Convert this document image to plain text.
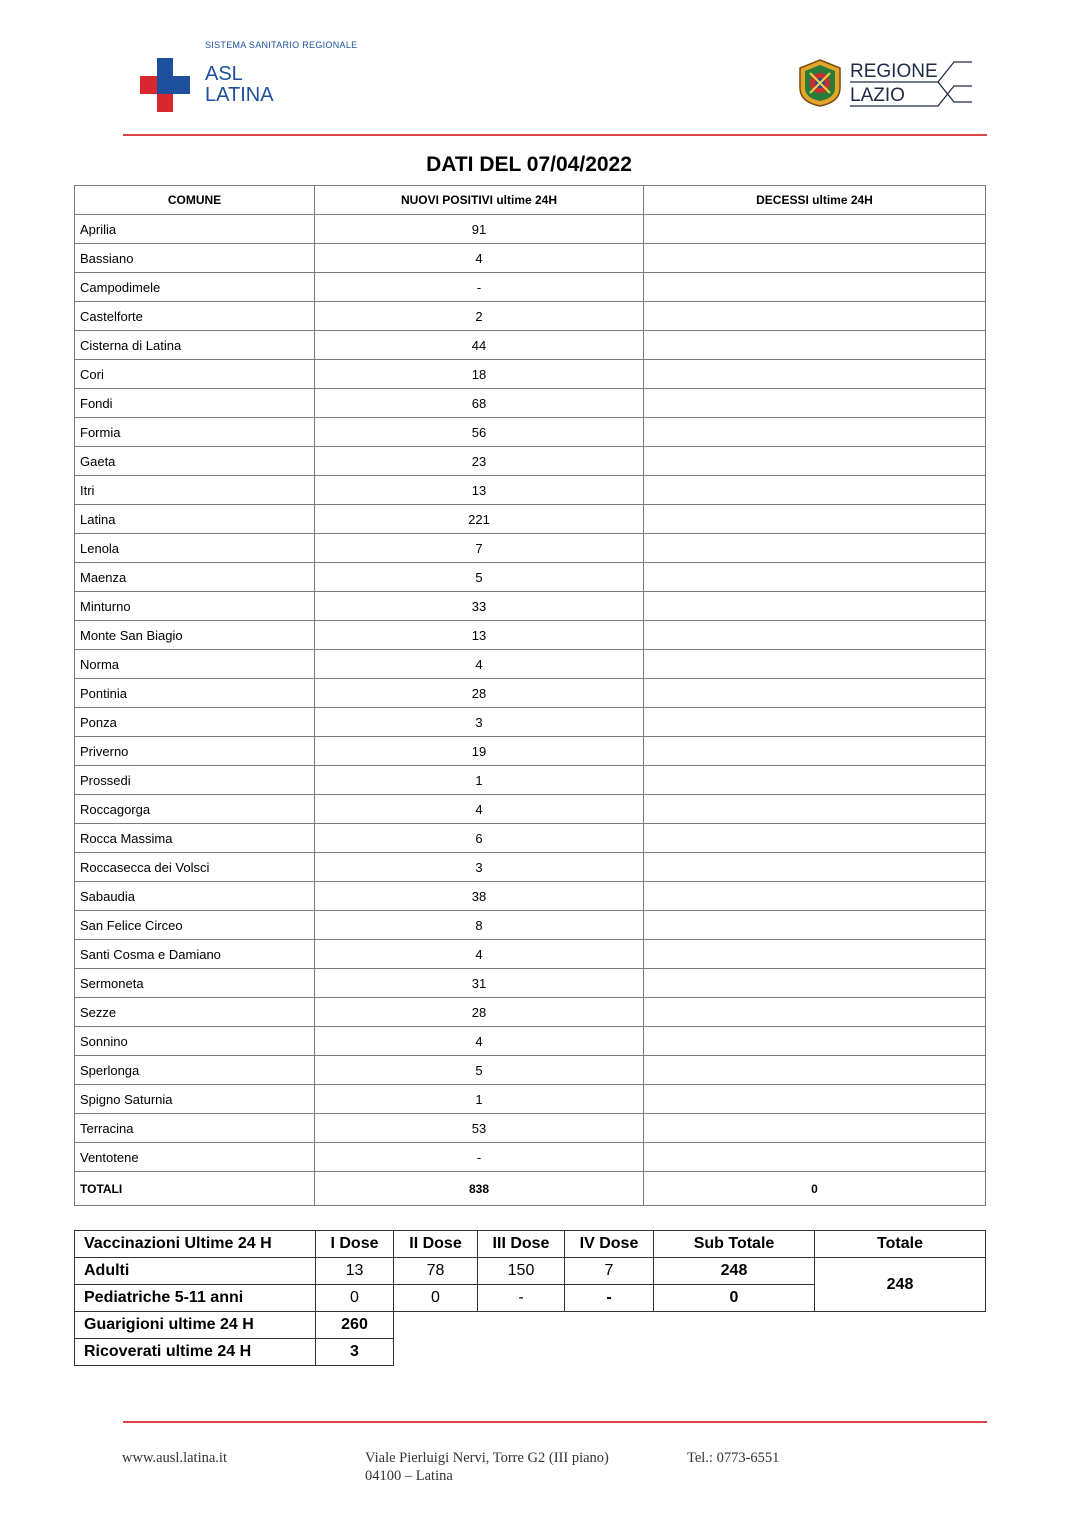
SISTEMA SANITARIO REGIONALE
ASL
LATINA
REGIONE
LAZIO
DATI DEL 07/04/2022
COMUNE	NUOVI POSITIVI ultime 24H	DECESSI ultime 24H
Aprilia	91	
Bassiano	4	
Campodimele	-	
Castelforte	2	
Cisterna di Latina	44	
Cori	18	
Fondi	68	
Formia	56	
Gaeta	23	
Itri	13	
Latina	221	
Lenola	7	
Maenza	5	
Minturno	33	
Monte San Biagio	13	
Norma	4	
Pontinia	28	
Ponza	3	
Priverno	19	
Prossedi	1	
Roccagorga	4	
Rocca Massima	6	
Roccasecca dei Volsci	3	
Sabaudia	38	
San Felice Circeo	8	
Santi Cosma e Damiano	4	
Sermoneta	31	
Sezze	28	
Sonnino	4	
Sperlonga	5	
Spigno Saturnia	1	
Terracina	53	
Ventotene	-	
TOTALI	838	0
Vaccinazioni Ultime 24 H	I Dose	II Dose	III Dose	IV Dose	Sub Totale	Totale
Adulti	13	78	150	7	248	248
Pediatriche 5-11 anni	0	0	-	-	0	
Guarigioni ultime 24 H	260					
Ricoverati ultime 24 H	3					
www.ausl.latina.it	Viale Pierluigi Nervi, Torre G2 (III piano)
04100 – Latina
Tel.: 0773-6551
